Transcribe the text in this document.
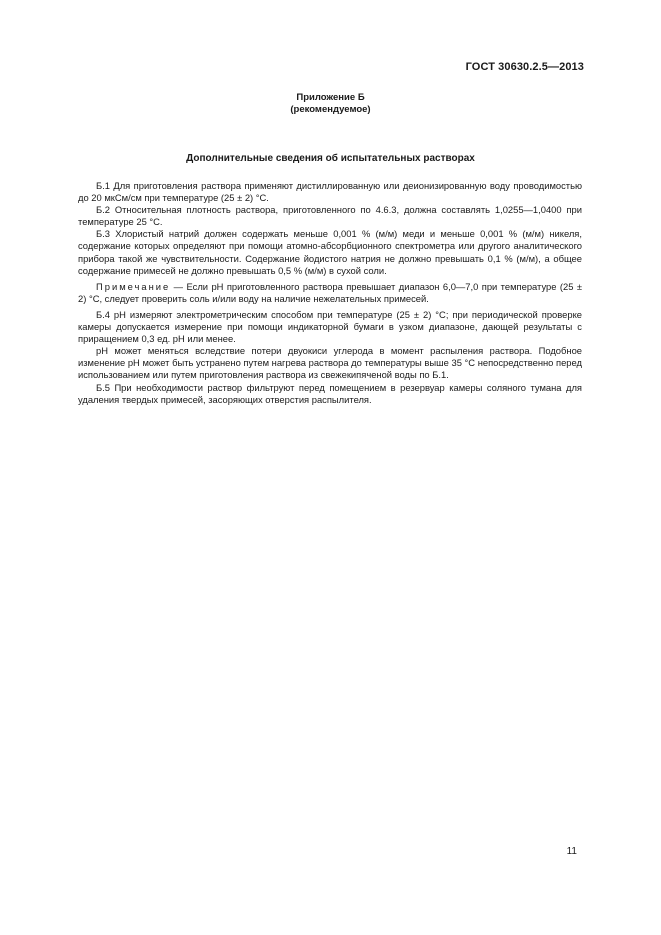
ГОСТ 30630.2.5—2013
Приложение Б
(рекомендуемое)
Дополнительные сведения об испытательных растворах

Б.1 Для приготовления раствора применяют дистиллированную или деионизированную воду проводимостью до 20 мкСм/см при температуре (25 ± 2) °С.

Б.2 Относительная плотность раствора, приготовленного по 4.6.3, должна составлять 1,0255—1,0400 при температуре 25 °С.

Б.3 Хлористый натрий должен содержать меньше 0,001 % (м/м) меди и меньше 0,001 % (м/м) никеля, содержание которых определяют при помощи атомно-абсорбционного спектрометра или другого аналитического прибора такой же чувствительности. Содержание йодистого натрия не должно превышать 0,1 % (м/м), а общее содержание примесей не должно превышать 0,5 % (м/м) в сухой соли.

Примечание — Если pH приготовленного раствора превышает диапазон 6,0—7,0 при температуре (25 ± 2) °С, следует проверить соль и/или воду на наличие нежелательных примесей.

Б.4 pH измеряют электрометрическим способом при температуре (25 ± 2) °С; при периодической проверке камеры допускается измерение при помощи индикаторной бумаги в узком диапазоне, дающей результаты с приращением 0,3 ед. pH или менее.

pH может меняться вследствие потери двуокиси углерода в момент распыления раствора. Подобное изменение pH может быть устранено путем нагрева раствора до температуры выше 35 °С непосредственно перед использованием или путем приготовления раствора из свежекипяченой воды по Б.1.

Б.5 При необходимости раствор фильтруют перед помещением в резервуар камеры соляного тумана для удаления твердых примесей, засоряющих отверстия распылителя.

11
